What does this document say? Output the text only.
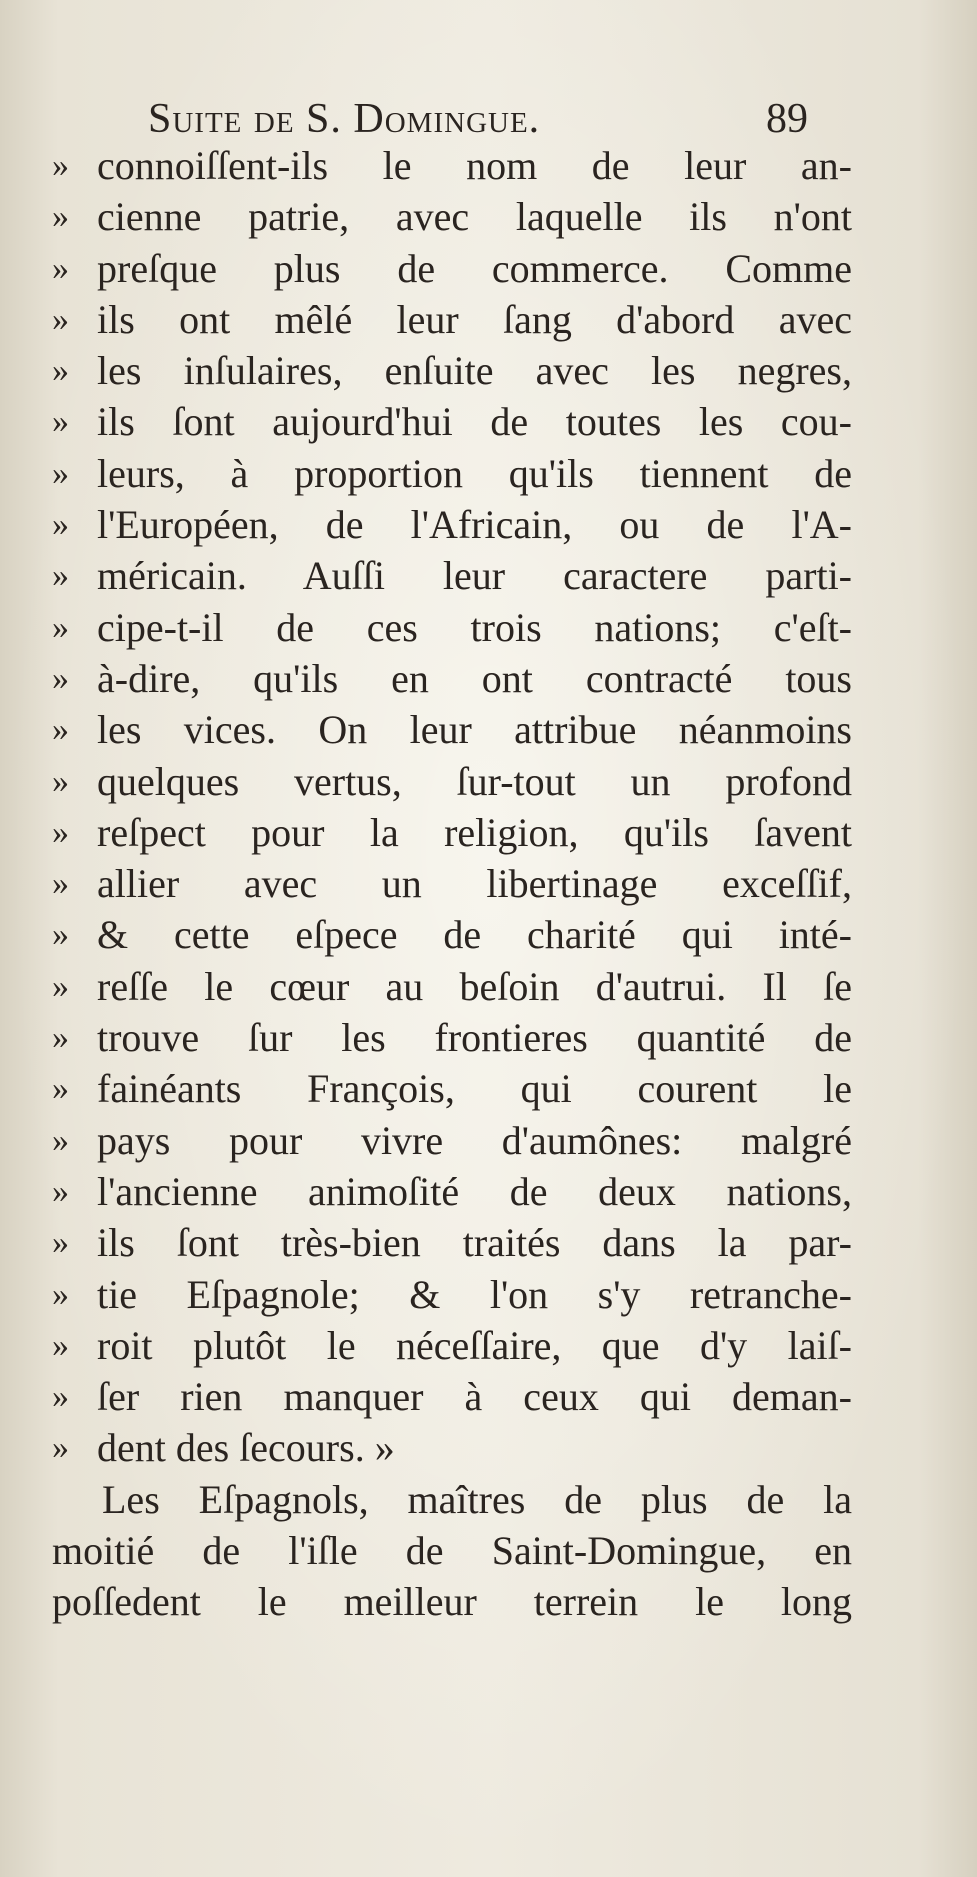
Suite de S. Domingue.	89
» connoiſſent-ils le nom de leur an-
» cienne patrie, avec laquelle ils n'ont
» preſque plus de commerce. Comme
» ils ont mêlé leur ſang d'abord avec
» les inſulaires, enſuite avec les negres,
» ils ſont aujourd'hui de toutes les cou-
» leurs, à proportion qu'ils tiennent de
» l'Européen, de l'Africain, ou de l'A-
» méricain. Auſſi leur caractere parti-
» cipe-t-il de ces trois nations; c'eſt-
» à-dire, qu'ils en ont contracté tous
» les vices. On leur attribue néanmoins
» quelques vertus, ſur-tout un profond
» reſpect pour la religion, qu'ils ſavent
» allier avec un libertinage exceſſif,
» & cette eſpece de charité qui inté-
» reſſe le cœur au beſoin d'autrui. Il ſe
» trouve ſur les frontieres quantité de
» fainéants François, qui courent le
» pays pour vivre d'aumônes: malgré
» l'ancienne animoſité de deux nations,
» ils ſont très-bien traités dans la par-
» tie Eſpagnole; & l'on s'y retranche-
» roit plutôt le néceſſaire, que d'y laiſ-
» ſer rien manquer à ceux qui deman-
» dent des ſecours. »
Les Eſpagnols, maîtres de plus de la
moitié de l'iſle de Saint-Domingue, en
poſſedent le meilleur terrein le long
